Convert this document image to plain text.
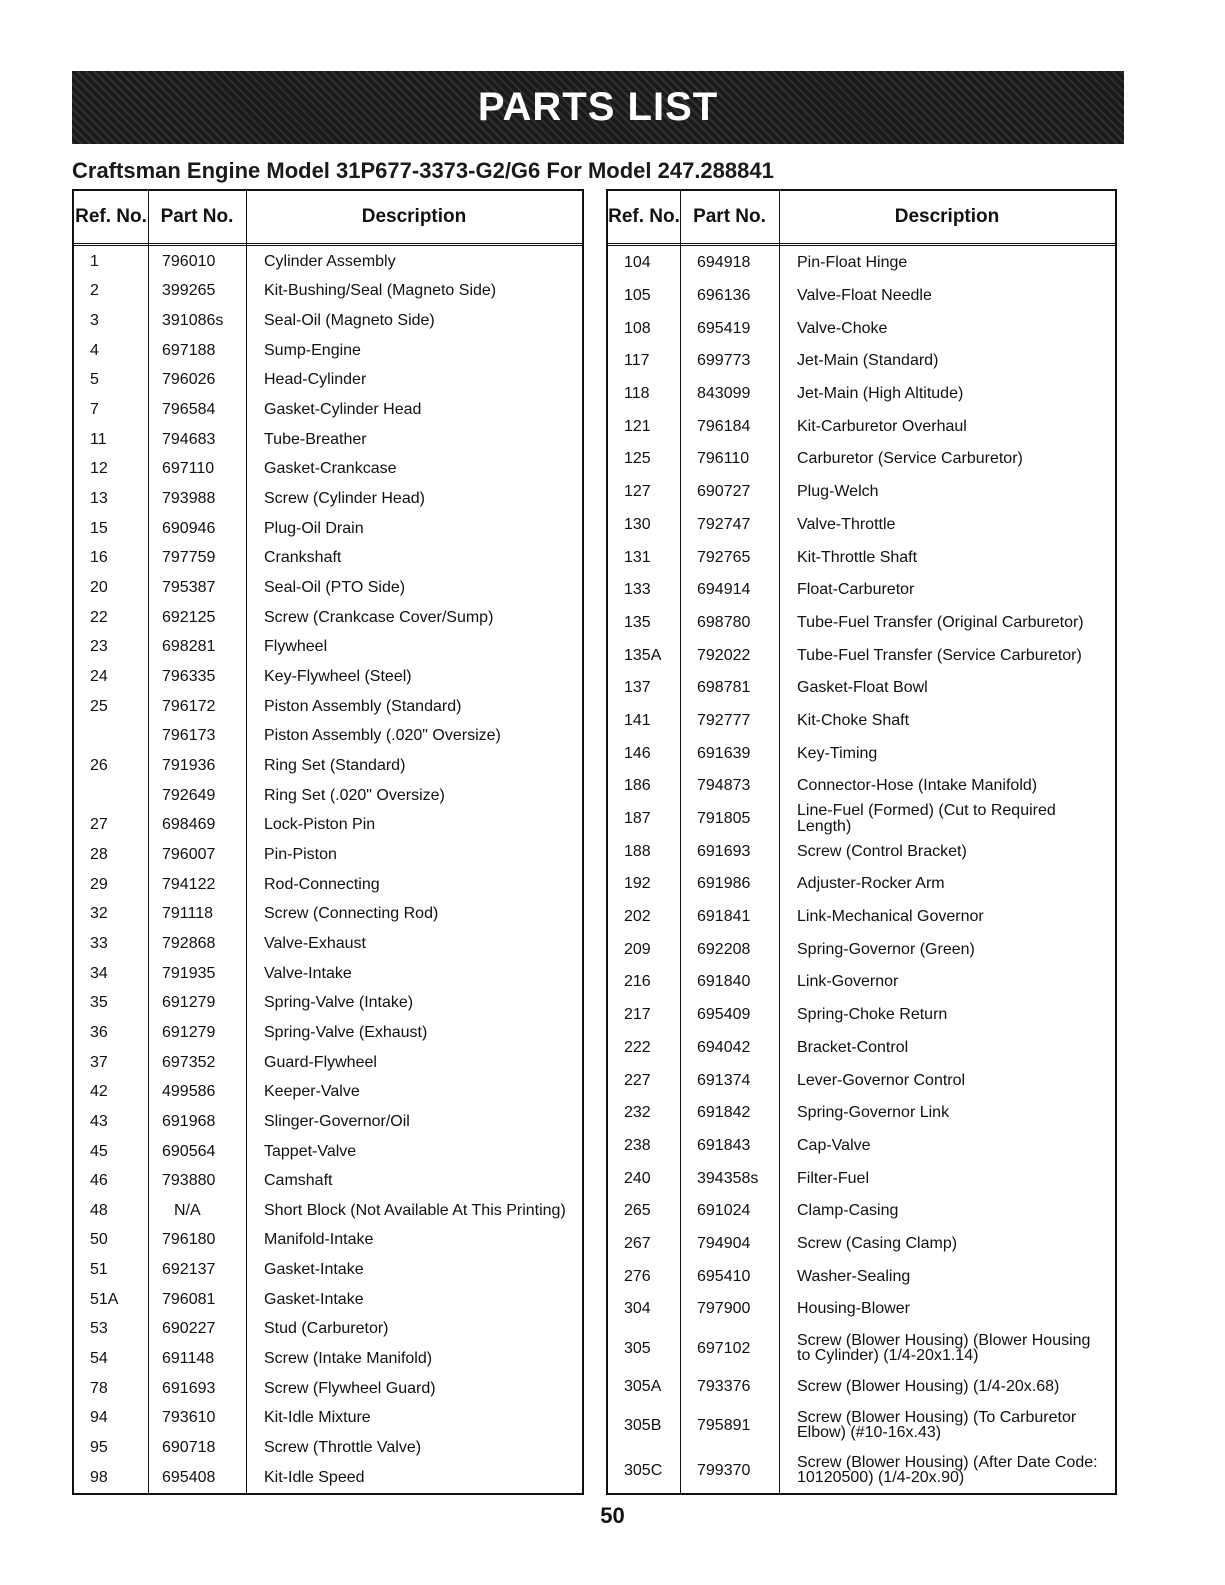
PARTS LIST
Craftsman Engine Model 31P677-3373-G2/G6 For Model 247.288841
Ref. No. Part No.	Description
1	796010	Cylinder Assembly
2	399265	Kit-Bushing/Seal (Magneto Side)
3	391086s	Seal-Oil (Magneto Side)
4	697188	Sump-Engine
5	796026	Head-Cylinder
7	796584	Gasket-Cylinder Head
11	794683	Tube-Breather
12	697110	Gasket-Crankcase
13	793988	Screw (Cylinder Head)
15	690946	Plug-Oil Drain
16	797759	Crankshaft
20	795387	Seal-Oil (PTO Side)
22	692125	Screw (Crankcase Cover/Sump)
23	698281	Flywheel
24	796335	Key-Flywheel (Steel)
25	796172	Piston Assembly (Standard)
796173	Piston Assembly (.020" Oversize)
26	791936	Ring Set (Standard)
792649	Ring Set (.020" Oversize)
27	698469	Lock-Piston Pin
28	796007	Pin-Piston
29	794122	Rod-Connecting
32	791118	Screw (Connecting Rod)
33	792868	Valve-Exhaust
34	791935	Valve-Intake
35	691279	Spring-Valve (Intake)
36	691279	Spring-Valve (Exhaust)
37	697352	Guard-Flywheel
42	499586	Keeper-Valve
43	691968	Slinger-Governor/Oil
45	690564	Tappet-Valve
46	793880	Camshaft
48	N/A	Short Block (Not Available At This Printing)
50	796180	Manifold-Intake
51	692137	Gasket-Intake
51A	796081	Gasket-Intake
53	690227	Stud (Carburetor)
54	691148	Screw (Intake Manifold)
78	691693	Screw (Flywheel Guard)
94	793610	Kit-Idle Mixture
95	690718	Screw (Throttle Valve)
98	695408	Kit-Idle Speed
Ref. No. Part No.	Description
104	694918	Pin-Float Hinge
105	696136	Valve-Float Needle
108	695419	Valve-Choke
117	699773	Jet-Main (Standard)
118	843099	Jet-Main (High Altitude)
121	796184	Kit-Carburetor Overhaul
125	796110	Carburetor (Service Carburetor)
127	690727	Plug-Welch
130	792747	Valve-Throttle
131	792765	Kit-Throttle Shaft
133	694914	Float-Carburetor
135	698780	Tube-Fuel Transfer (Original Carburetor)
135A 792022	Tube-Fuel Transfer (Service Carburetor)
137	698781	Gasket-Float Bowl
141	792777	Kit-Choke Shaft
146	691639	Key-Timing
186	794873	Connector-Hose (Intake Manifold)
187	791805	Line-Fuel (Formed) (Cut to Required Length)
188	691693	Screw (Control Bracket)
192	691986	Adjuster-Rocker Arm
202	691841	Link-Mechanical Governor
209	692208	Spring-Governor (Green)
216	691840	Link-Governor
217	695409	Spring-Choke Return
222	694042	Bracket-Control
227	691374	Lever-Governor Control
232	691842	Spring-Governor Link
238	691843	Cap-Valve
240	394358s Filter-Fuel
265	691024	Clamp-Casing
267	794904	Screw (Casing Clamp)
276	695410	Washer-Sealing
304	797900	Housing-Blower
305	697102	Screw (Blower Housing) (Blower Housing to Cylinder) (1/4-20x1.14)
305A 793376	Screw (Blower Housing) (1/4-20x.68)
305B 795891	Screw (Blower Housing) (To Carburetor Elbow) (#10-16x.43)
305C 799370	Screw (Blower Housing) (After Date Code: 10120500) (1/4-20x.90)
50
